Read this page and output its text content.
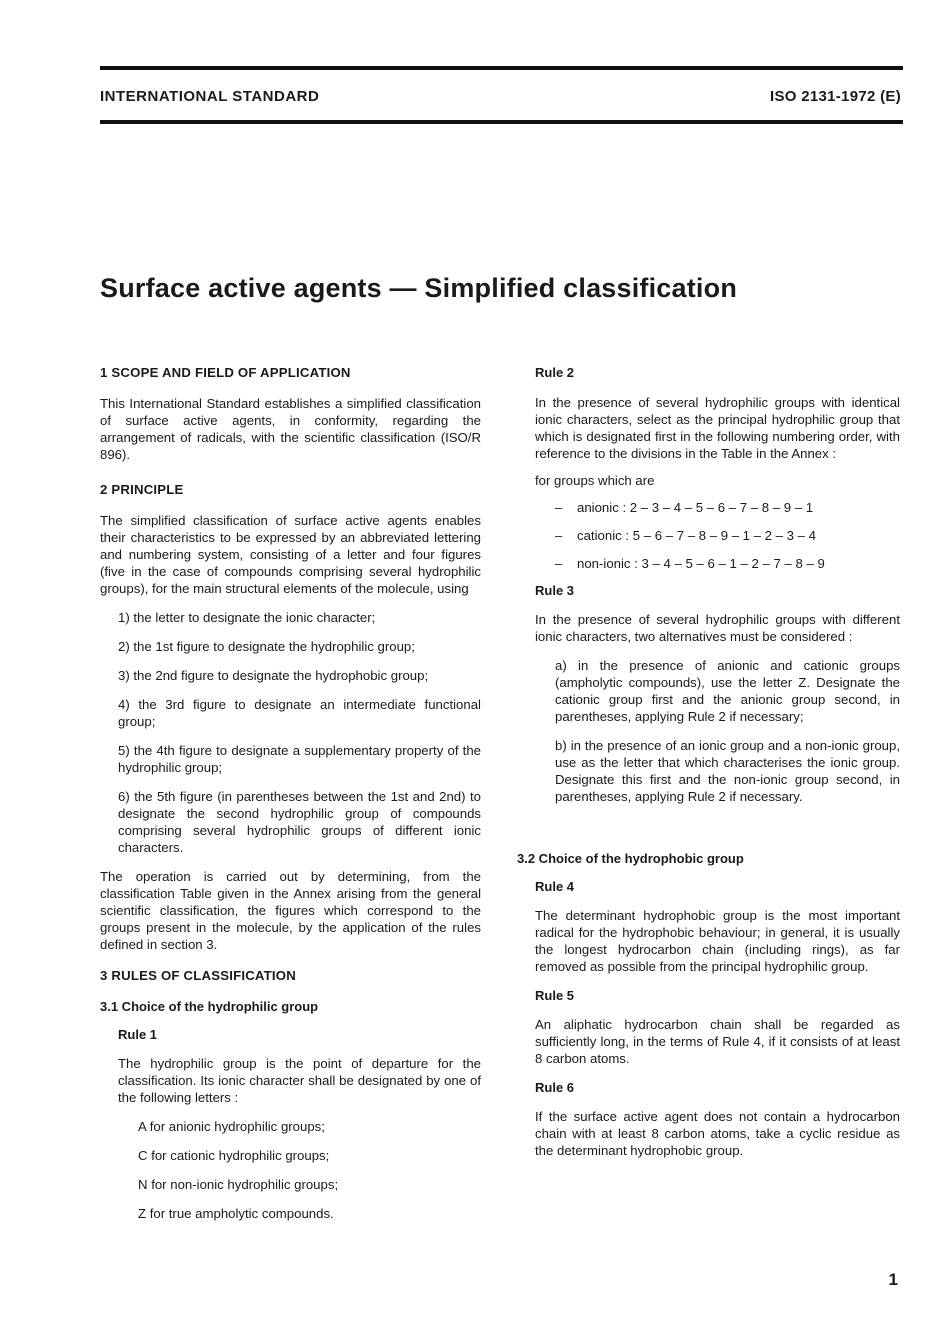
INTERNATIONAL STANDARD	ISO 2131-1972 (E)
Surface active agents — Simplified classification

1 SCOPE AND FIELD OF APPLICATION

This International Standard establishes a simplified classification of surface active agents, in conformity, regarding the arrangement of radicals, with the scientific classification (ISO/R 896).

2 PRINCIPLE

The simplified classification of surface active agents enables their characteristics to be expressed by an abbreviated lettering and numbering system, consisting of a letter and four figures (five in the case of compounds comprising several hydrophilic groups), for the main structural elements of the molecule, using

1) the letter to designate the ionic character;

2) the 1st figure to designate the hydrophilic group;

3) the 2nd figure to designate the hydrophobic group;

4) the 3rd figure to designate an intermediate functional group;

5) the 4th figure to designate a supplementary property of the hydrophilic group;

6) the 5th figure (in parentheses between the 1st and 2nd) to designate the second hydrophilic group of compounds comprising several hydrophilic groups of different ionic characters.

The operation is carried out by determining, from the classification Table given in the Annex arising from the general scientific classification, the figures which correspond to the groups present in the molecule, by the application of the rules defined in section 3.

3 RULES OF CLASSIFICATION

3.1 Choice of the hydrophilic group

Rule 1

The hydrophilic group is the point of departure for the classification. Its ionic character shall be designated by one of the following letters :

A for anionic hydrophilic groups;

C for cationic hydrophilic groups;

N for non-ionic hydrophilic groups;

Z for true ampholytic compounds.

Rule 2

In the presence of several hydrophilic groups with identical ionic characters, select as the principal hydrophilic group that which is designated first in the following numbering order, with reference to the divisions in the Table in the Annex :

for groups which are

– anionic : 2 – 3 – 4 – 5 – 6 – 7 – 8 – 9 – 1

– cationic : 5 – 6 – 7 – 8 – 9 – 1 – 2 – 3 – 4

– non-ionic : 3 – 4 – 5 – 6 – 1 – 2 – 7 – 8 – 9

Rule 3

In the presence of several hydrophilic groups with different ionic characters, two alternatives must be considered :

a) in the presence of anionic and cationic groups (ampholytic compounds), use the letter Z. Designate the cationic group first and the anionic group second, in parentheses, applying Rule 2 if necessary;

b) in the presence of an ionic group and a non-ionic group, use as the letter that which characterises the ionic group. Designate this first and the non-ionic group second, in parentheses, applying Rule 2 if necessary.

3.2 Choice of the hydrophobic group

Rule 4

The determinant hydrophobic group is the most important radical for the hydrophobic behaviour; in general, it is usually the longest hydrocarbon chain (including rings), as far removed as possible from the principal hydrophilic group.

Rule 5

An aliphatic hydrocarbon chain shall be regarded as sufficiently long, in the terms of Rule 4, if it consists of at least 8 carbon atoms.

Rule 6

If the surface active agent does not contain a hydrocarbon chain with at least 8 carbon atoms, take a cyclic residue as the determinant hydrophobic group.

1
